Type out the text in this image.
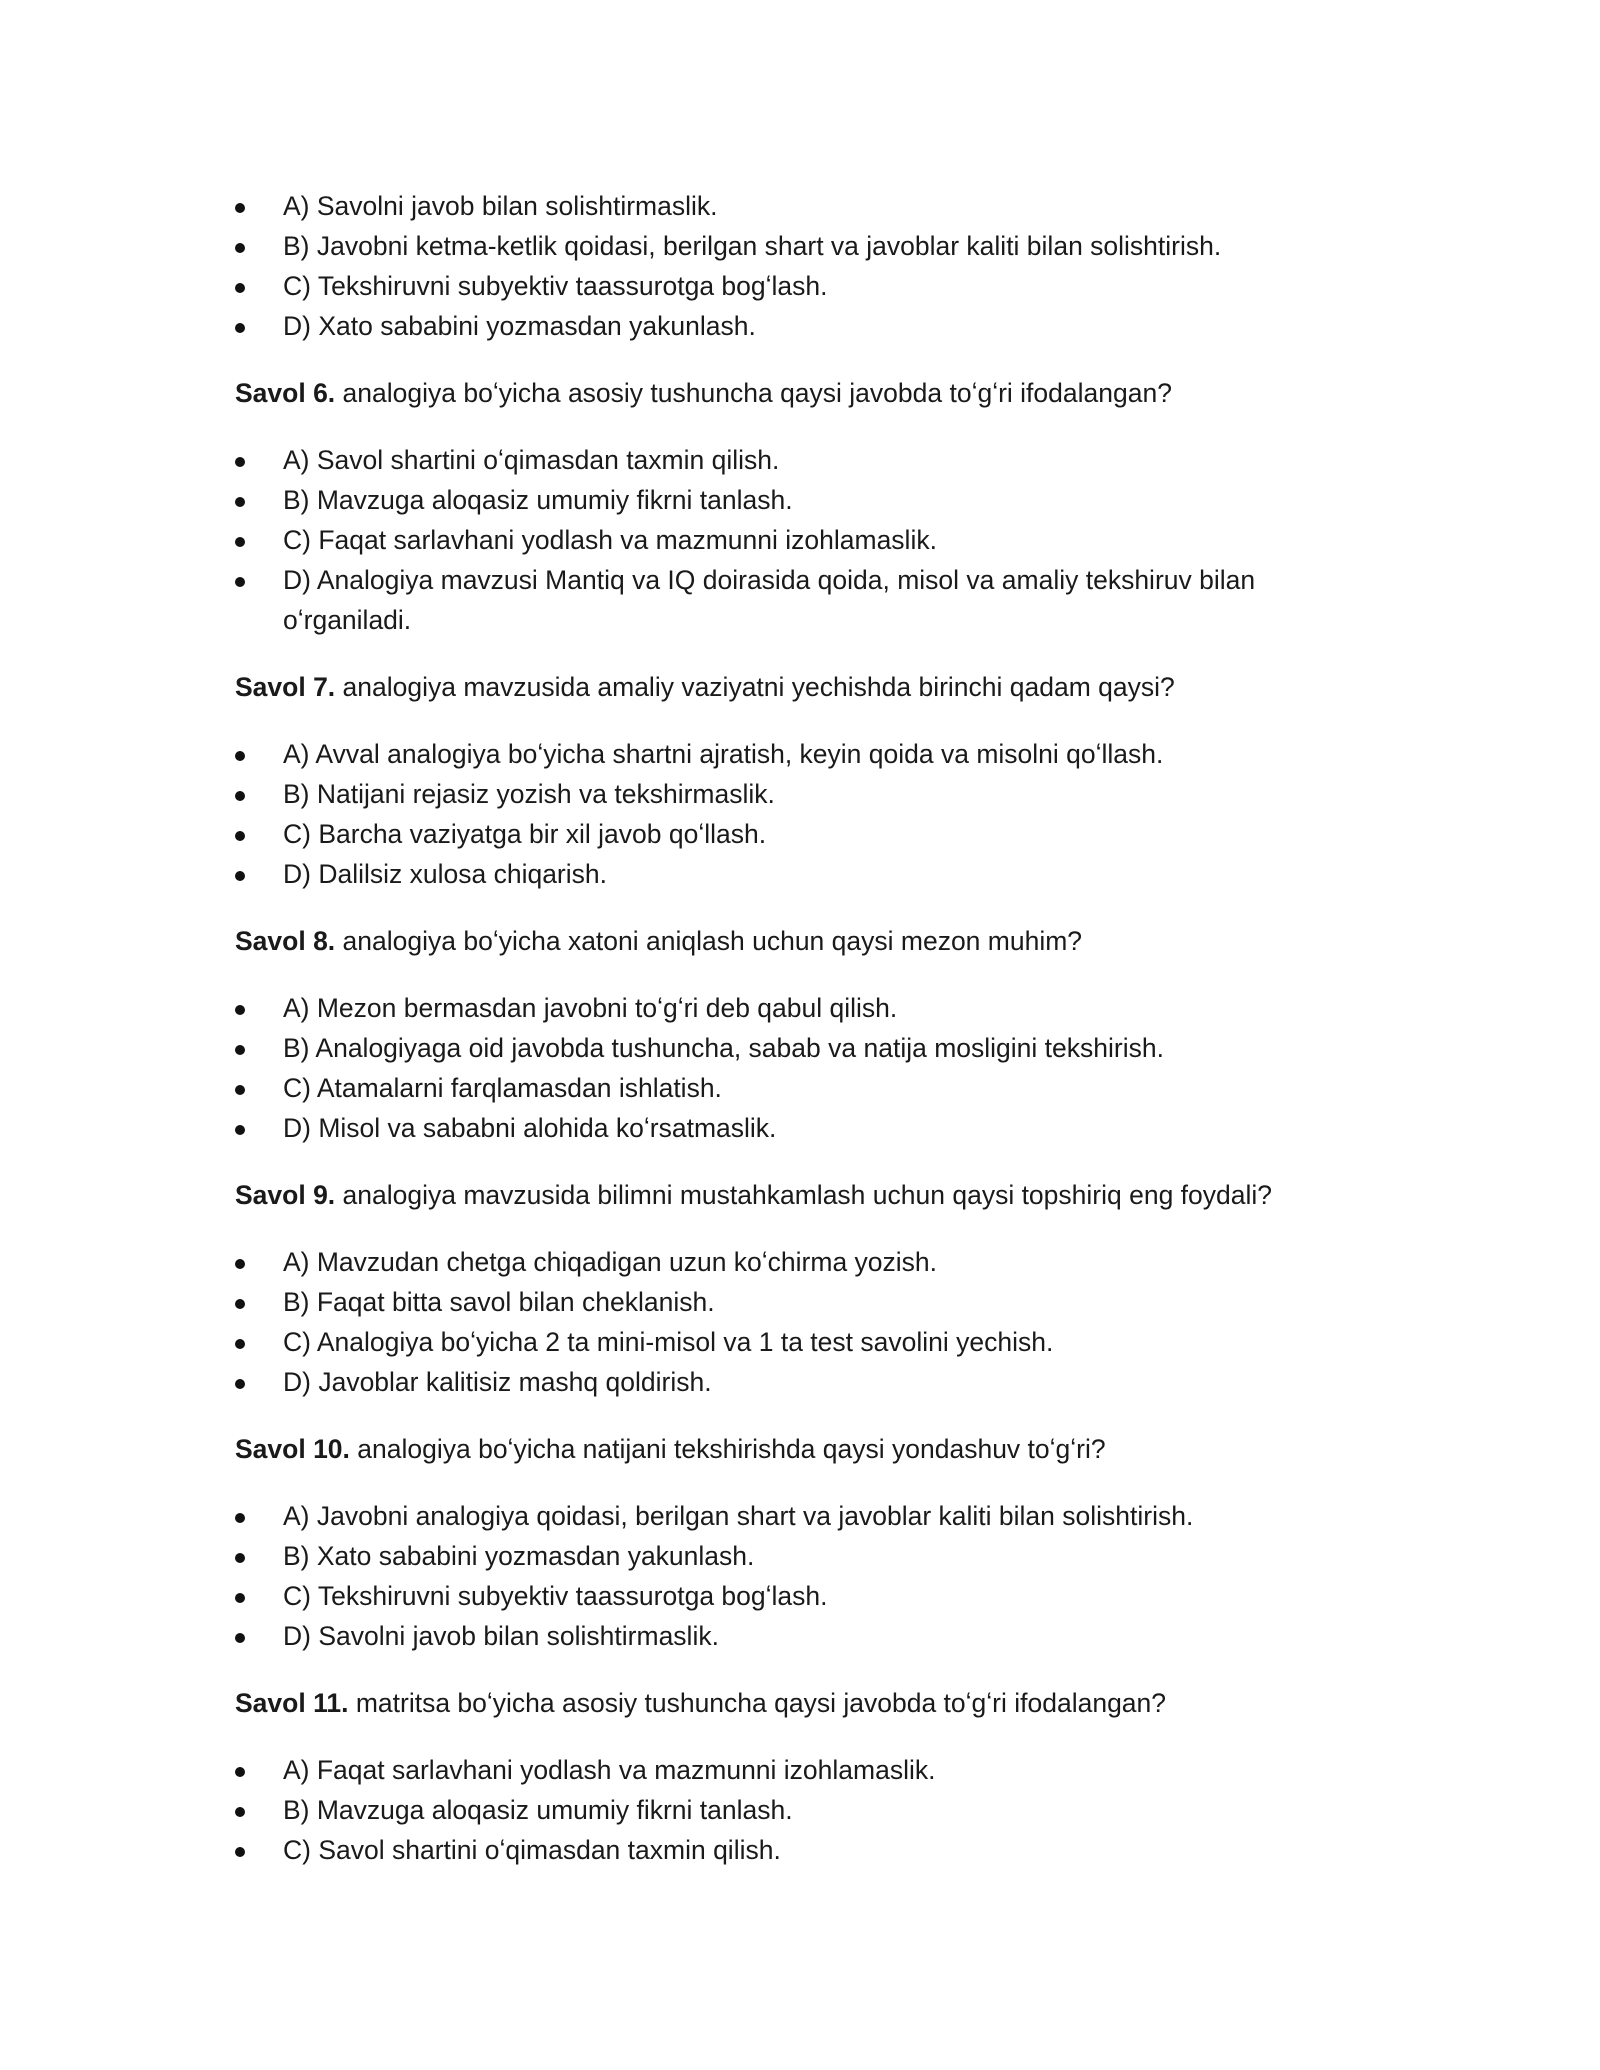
A) Savolni javob bilan solishtirmaslik.
B) Javobni ketma-ketlik qoidasi, berilgan shart va javoblar kaliti bilan solishtirish.
C) Tekshiruvni subyektiv taassurotga bogʻlash.
D) Xato sababini yozmasdan yakunlash.

Savol 6. analogiya boʻyicha asosiy tushuncha qaysi javobda toʻgʻri ifodalangan?

A) Savol shartini oʻqimasdan taxmin qilish.
B) Mavzuga aloqasiz umumiy fikrni tanlash.
C) Faqat sarlavhani yodlash va mazmunni izohlamaslik.
D) Analogiya mavzusi Mantiq va IQ doirasida qoida, misol va amaliy tekshiruv bilan oʻrganiladi.

Savol 7. analogiya mavzusida amaliy vaziyatni yechishda birinchi qadam qaysi?

A) Avval analogiya boʻyicha shartni ajratish, keyin qoida va misolni qoʻllash.
B) Natijani rejasiz yozish va tekshirmaslik.
C) Barcha vaziyatga bir xil javob qoʻllash.
D) Dalilsiz xulosa chiqarish.

Savol 8. analogiya boʻyicha xatoni aniqlash uchun qaysi mezon muhim?

A) Mezon bermasdan javobni toʻgʻri deb qabul qilish.
B) Analogiyaga oid javobda tushuncha, sabab va natija mosligini tekshirish.
C) Atamalarni farqlamasdan ishlatish.
D) Misol va sababni alohida koʻrsatmaslik.

Savol 9. analogiya mavzusida bilimni mustahkamlash uchun qaysi topshiriq eng foydali?

A) Mavzudan chetga chiqadigan uzun koʻchirma yozish.
B) Faqat bitta savol bilan cheklanish.
C) Analogiya boʻyicha 2 ta mini-misol va 1 ta test savolini yechish.
D) Javoblar kalitisiz mashq qoldirish.

Savol 10. analogiya boʻyicha natijani tekshirishda qaysi yondashuv toʻgʻri?

A) Javobni analogiya qoidasi, berilgan shart va javoblar kaliti bilan solishtirish.
B) Xato sababini yozmasdan yakunlash.
C) Tekshiruvni subyektiv taassurotga bogʻlash.
D) Savolni javob bilan solishtirmaslik.

Savol 11. matritsa boʻyicha asosiy tushuncha qaysi javobda toʻgʻri ifodalangan?

A) Faqat sarlavhani yodlash va mazmunni izohlamaslik.
B) Mavzuga aloqasiz umumiy fikrni tanlash.
C) Savol shartini oʻqimasdan taxmin qilish.
